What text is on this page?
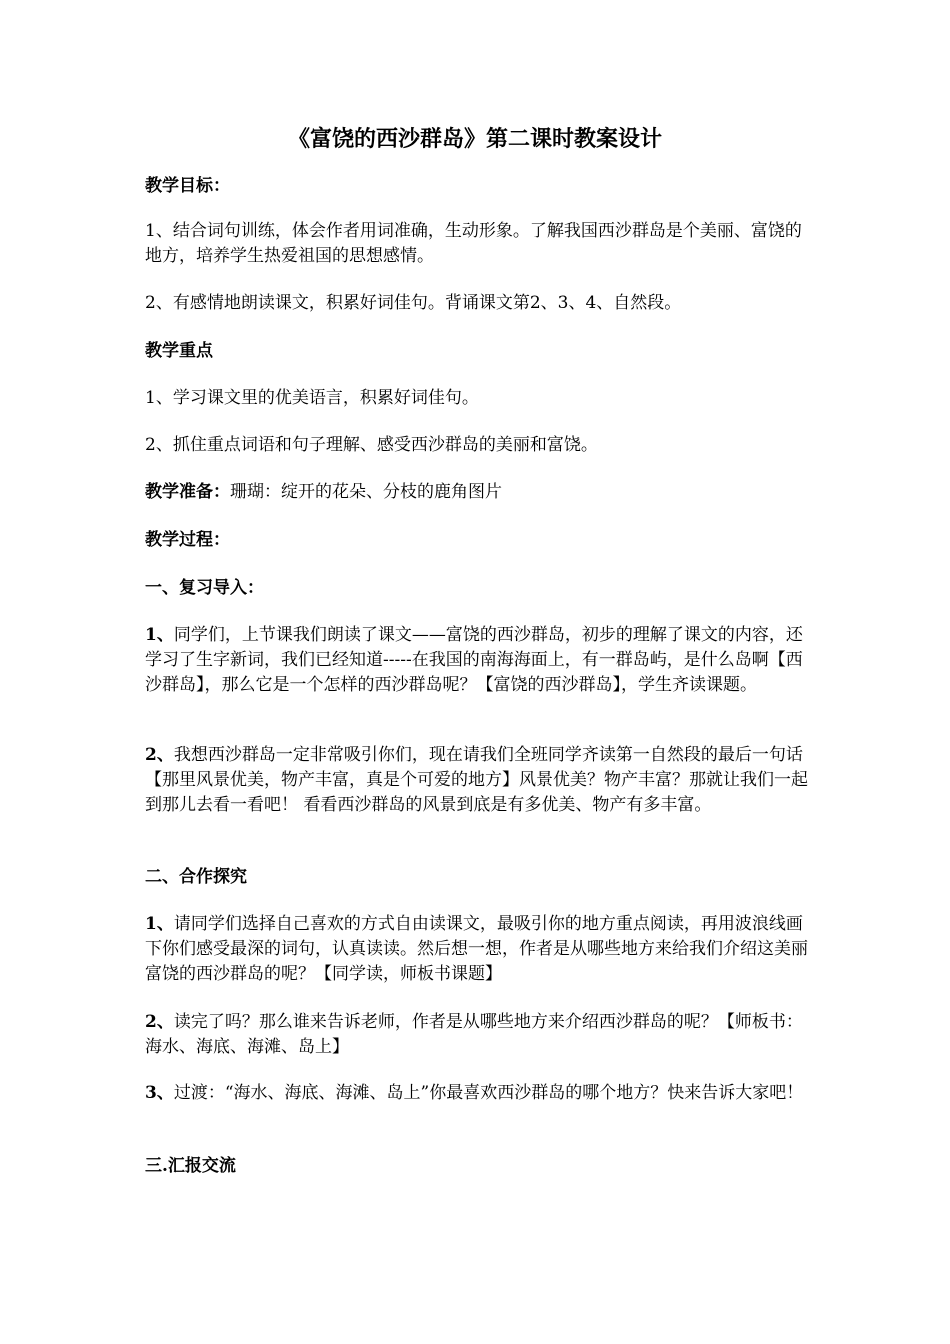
《富饶的西沙群岛》第二课时教案设计
教学目标：
1、结合词句训练，体会作者用词准确，生动形象。了解我国西沙群岛是个美丽、富饶的地方，培养学生热爱祖国的思想感情。
2、有感情地朗读课文，积累好词佳句。背诵课文第2、3、4、自然段。
教学重点
1、学习课文里的优美语言，积累好词佳句。
2、抓住重点词语和句子理解、感受西沙群岛的美丽和富饶。
教学准备：珊瑚：绽开的花朵、分枝的鹿角图片
教学过程：
一、复习导入：
1、同学们，上节课我们朗读了课文——富饶的西沙群岛，初步的理解了课文的内容，还学习了生字新词，我们已经知道-----在我国的南海海面上，有一群岛屿，是什么岛啊【西沙群岛】，那么它是一个怎样的西沙群岛呢？【富饶的西沙群岛】，学生齐读课题。
2、我想西沙群岛一定非常吸引你们，现在请我们全班同学齐读第一自然段的最后一句话【那里风景优美，物产丰富，真是个可爱的地方】风景优美？物产丰富？那就让我们一起到那儿去看一看吧！ 看看西沙群岛的风景到底是有多优美、物产有多丰富。
二、合作探究
1、请同学们选择自己喜欢的方式自由读课文，最吸引你的地方重点阅读，再用波浪线画下你们感受最深的词句，认真读读。然后想一想，作者是从哪些地方来给我们介绍这美丽富饶的西沙群岛的呢？【同学读，师板书课题】
2、读完了吗？那么谁来告诉老师，作者是从哪些地方来介绍西沙群岛的呢？【师板书：海水、海底、海滩、岛上】
3、过渡：“海水、海底、海滩、岛上”你最喜欢西沙群岛的哪个地方？快来告诉大家吧！
三.汇报交流
